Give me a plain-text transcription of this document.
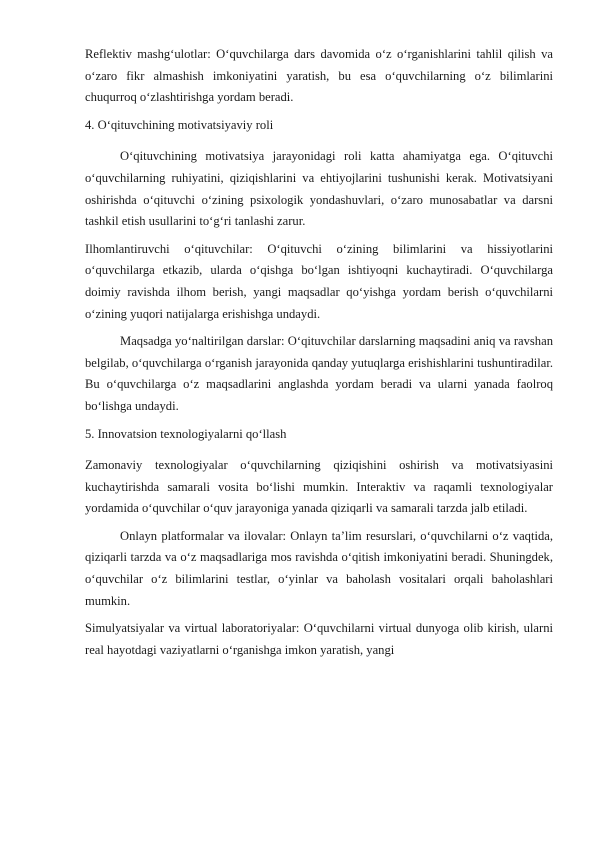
Reflektiv mashg‘ulotlar: O‘quvchilarga dars davomida o‘z o‘rganishlarini tahlil qilish va o‘zaro fikr almashish imkoniyatini yaratish, bu esa o‘quvchilarning o‘z bilimlarini chuqurroq o‘zlashtirishga yordam beradi.

4. O‘qituvchining motivatsiyaviy roli

O‘qituvchining motivatsiya jarayonidagi roli katta ahamiyatga ega. O‘qituvchi o‘quvchilarning ruhiyatini, qiziqishlarini va ehtiyojlarini tushunishi kerak. Motivatsiyani oshirishda o‘qituvchi o‘zining psixologik yondashuvlari, o‘zaro munosabatlar va darsni tashkil etish usullarini to‘g‘ri tanlashi zarur.

Ilhomlantiruvchi o‘qituvchilar: O‘qituvchi o‘zining bilimlarini va hissiyotlarini o‘quvchilarga etkazib, ularda o‘qishga bo‘lgan ishtiyoqni kuchaytiradi. O‘quvchilarga doimiy ravishda ilhom berish, yangi maqsadlar qo‘yishga yordam berish o‘quvchilarni o‘zining yuqori natijalarga erishishga undaydi.

Maqsadga yo‘naltirilgan darslar: O‘qituvchilar darslarning maqsadini aniq va ravshan belgilab, o‘quvchilarga o‘rganish jarayonida qanday yutuqlarga erishishlarini tushuntiradilar. Bu o‘quvchilarga o‘z maqsadlarini anglashda yordam beradi va ularni yanada faolroq bo‘lishga undaydi.

5. Innovatsion texnologiyalarni qo‘llash

Zamonaviy texnologiyalar o‘quvchilarning qiziqishini oshirish va motivatsiyasini kuchaytirishda samarali vosita bo‘lishi mumkin. Interaktiv va raqamli texnologiyalar yordamida o‘quvchilar o‘quv jarayoniga yanada qiziqarli va samarali tarzda jalb etiladi.

Onlayn platformalar va ilovalar: Onlayn ta’lim resurslari, o‘quvchilarni o‘z vaqtida, qiziqarli tarzda va o‘z maqsadlariga mos ravishda o‘qitish imkoniyatini beradi. Shuningdek, o‘quvchilar o‘z bilimlarini testlar, o‘yinlar va baholash vositalari orqali baholashlari mumkin.

Simulyatsiyalar va virtual laboratoriyalar: O‘quvchilarni virtual dunyoga olib kirish, ularni real hayotdagi vaziyatlarni o‘rganishga imkon yaratish, yangi
